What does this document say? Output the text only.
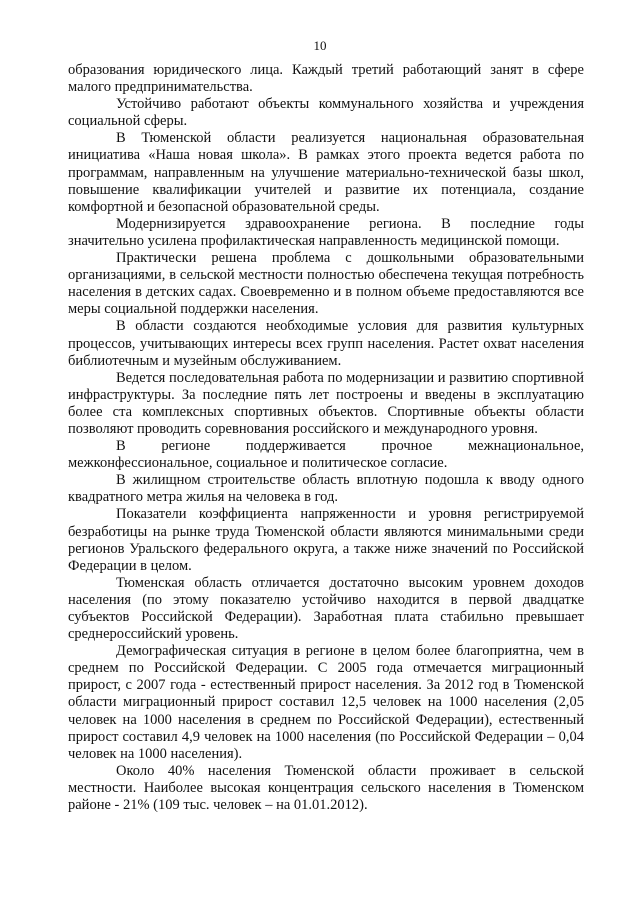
10

образования юридического лица. Каждый третий работающий занят в сфере малого предпринимательства.

Устойчиво работают объекты коммунального хозяйства и учреждения социальной сферы.

В Тюменской области реализуется национальная образовательная инициатива «Наша новая школа». В рамках этого проекта ведется работа по программам, направленным на улучшение материально-технической базы школ, повышение квалификации учителей и развитие их потенциала, создание комфортной и безопасной образовательной среды.

Модернизируется здравоохранение региона. В последние годы значительно усилена профилактическая направленность медицинской помощи.

Практически решена проблема с дошкольными образовательными организациями, в сельской местности полностью обеспечена текущая потребность населения в детских садах. Своевременно и в полном объеме предоставляются все меры социальной поддержки населения.

В области создаются необходимые условия для развития культурных процессов, учитывающих интересы всех групп населения. Растет охват населения библиотечным и музейным обслуживанием.

Ведется последовательная работа по модернизации и развитию спортивной инфраструктуры. За последние пять лет построены и введены в эксплуатацию более ста комплексных спортивных объектов. Спортивные объекты области позволяют проводить соревнования российского и международного уровня.

В регионе поддерживается прочное межнациональное, межконфессиональное, социальное и политическое согласие.

В жилищном строительстве область вплотную подошла к вводу одного квадратного метра жилья на человека в год.

Показатели коэффициента напряженности и уровня регистрируемой безработицы на рынке труда Тюменской области являются минимальными среди регионов Уральского федерального округа, а также ниже значений по Российской Федерации в целом.

Тюменская область отличается достаточно высоким уровнем доходов населения (по этому показателю устойчиво находится в первой двадцатке субъектов Российской Федерации). Заработная плата стабильно превышает среднероссийский уровень.

Демографическая ситуация в регионе в целом более благоприятна, чем в среднем по Российской Федерации. С 2005 года отмечается миграционный прирост, с 2007 года - естественный прирост населения. За 2012 год в Тюменской области миграционный прирост составил 12,5 человек на 1000 населения (2,05 человек на 1000 населения в среднем по Российской Федерации), естественный прирост составил 4,9 человек на 1000 населения (по Российской Федерации – 0,04 человек на 1000 населения).

Около 40% населения Тюменской области проживает в сельской местности. Наиболее высокая концентрация сельского населения в Тюменском районе - 21% (109 тыс. человек – на 01.01.2012).
